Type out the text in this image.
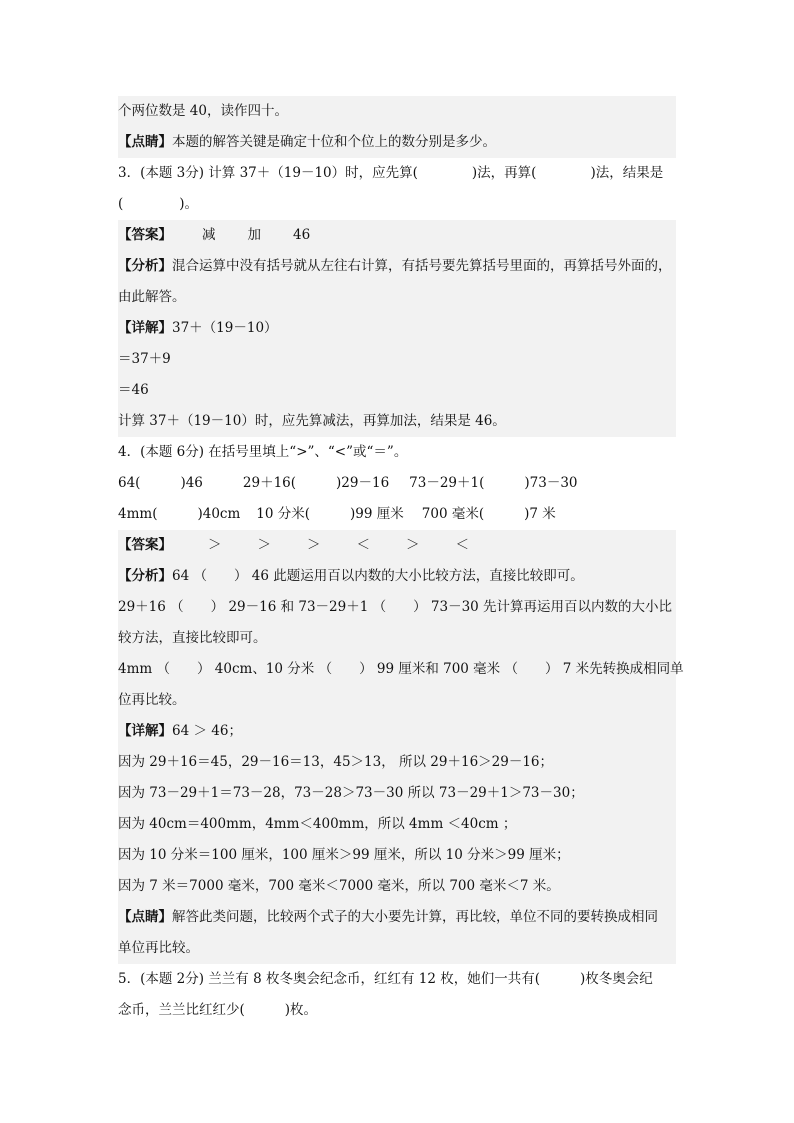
个两位数是 40，读作四十。
【点睛】本题的解答关键是确定十位和个位上的数分别是多少。
3．(本题 3分) 计算 37＋（19－10）时，应先算(	)法，再算(	)法，结果是
(	)。
【答案】 减 加 46
【分析】混合运算中没有括号就从左往右计算，有括号要先算括号里面的，再算括号外面的，
由此解答。
【详解】37＋（19－10）
＝37＋9
＝46
计算 37＋（19－10）时，应先算减法，再算加法，结果是 46。
4．(本题 6分) 在括号里填上“>”、“<”或“＝”。
64(	)46	29＋16(	)29－16 73－29＋1(	)73－30
4mm(	)40cm 10 分米(	)99 厘米 700 毫米(	)7 米
【答案】	＞	＞	＞	＜	＞	＜
【分析】64 （　　） 46 此题运用百以内数的大小比较方法，直接比较即可。
29＋16 （　　） 29－16 和 73－29＋1 （　　） 73－30 先计算再运用百以内数的大小比
较方法，直接比较即可。
4mm （　　） 40cm、10 分米 （　　） 99 厘米和 700 毫米 （　　） 7 米先转换成相同单
位再比较。
【详解】64 ＞ 46；
因为 29＋16＝45，29－16＝13，45＞13， 所以 29＋16＞29－16；
因为 73－29＋1＝73－28，73－28＞73－30 所以 73－29＋1＞73－30；
因为 40cm＝400mm，4mm＜400mm，所以 4mm ＜40cm ；
因为 10 分米＝100 厘米，100 厘米＞99 厘米，所以 10 分米＞99 厘米；
因为 7 米＝7000 毫米，700 毫米＜7000 毫米，所以 700 毫米＜7 米。
【点睛】解答此类问题，比较两个式子的大小要先计算，再比较，单位不同的要转换成相同
单位再比较。
5．(本题 2分) 兰兰有 8 枚冬奥会纪念币，红红有 12 枚，她们一共有(	)枚冬奥会纪
念币，兰兰比红红少(	)枚。
